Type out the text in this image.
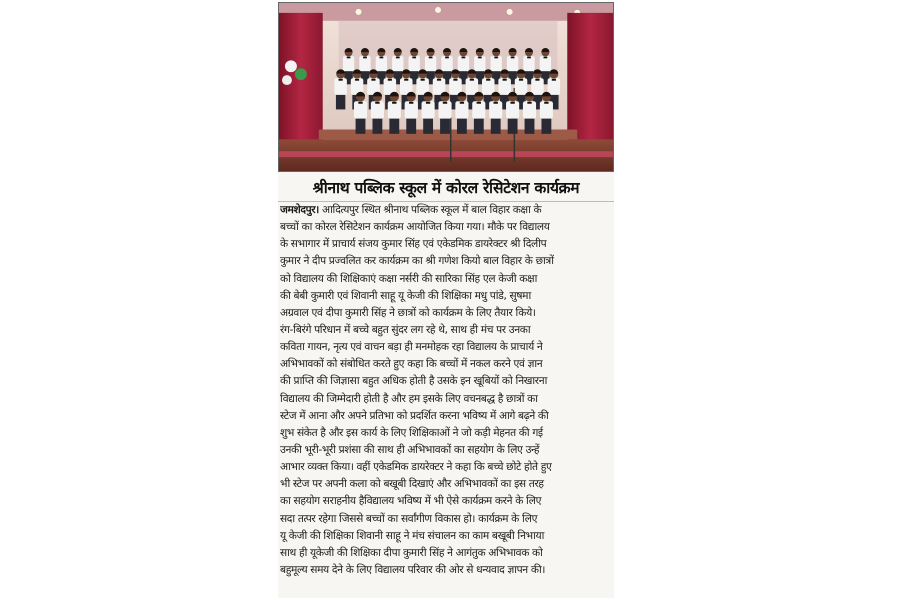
श्रीनाथ पब्लिक स्कूल में कोरल रेसिटेशन कार्यक्रम
जमशेदपुर। आदित्यपुर स्थित श्रीनाथ पब्लिक स्कूल में बाल विहार कक्षा के
बच्चों का कोरल रेसिटेशन कार्यक्रम आयोजित किया गया। मौके पर विद्यालय
के सभागार में प्राचार्य संजय कुमार सिंह एवं एकेडमिक डायरेक्टर श्री दिलीप
कुमार ने दीप प्रज्वलित कर कार्यक्रम का श्री गणेश कियो बाल विहार के छात्रों
को विद्यालय की शिक्षिकाएं कक्षा नर्सरी की सारिका सिंह एल केजी कक्षा
की बेबी कुमारी एवं शिवानी साहू यू केजी की शिक्षिका मधु पांडे, सुषमा
अग्रवाल एवं दीपा कुमारी सिंह ने छात्रों को कार्यक्रम के लिए तैयार किये।
रंग-बिरंगे परिधान में बच्चे बहुत सुंदर लग रहे थे, साथ ही मंच पर उनका
कविता गायन, नृत्य एवं वाचन बड़ा ही मनमोहक रहा विद्यालय के प्राचार्य ने
अभिभावकों को संबोधित करते हुए कहा कि बच्चों में नकल करने एवं ज्ञान
की प्राप्ति की जिज्ञासा बहुत अधिक होती है उसके इन खूबियों को निखारना
विद्यालय की जिम्मेदारी होती है और हम इसके लिए वचनबद्ध है छात्रों का
स्टेज में आना और अपने प्रतिभा को प्रदर्शित करना भविष्य में आगे बढ़ने की
शुभ संकेत है और इस कार्य के लिए शिक्षिकाओं ने जो कड़ी मेहनत की गई
उनकी भूरी-भूरी प्रशंसा की साथ ही अभिभावकों का सहयोग के लिए उन्हें
आभार व्यक्त किया। वहीं एकेडमिक डायरेक्टर ने कहा कि बच्चे छोटे होते हुए
भी स्टेज पर अपनी कला को बखूबी दिखाएं और अभिभावकों का इस तरह
का सहयोग सराहनीय हैविद्यालय भविष्य में भी ऐसे कार्यक्रम करने के लिए
सदा तत्पर रहेगा जिससे बच्चों का सर्वांगीण विकास हो। कार्यक्रम के लिए
यू केजी की शिक्षिका शिवानी साहू ने मंच संचालन का काम बखूबी निभाया
साथ ही यूकेजी की शिक्षिका दीपा कुमारी सिंह ने आगंतुक अभिभावक को
बहुमूल्य समय देने के लिए विद्यालय परिवार की ओर से धन्यवाद ज्ञापन की।
